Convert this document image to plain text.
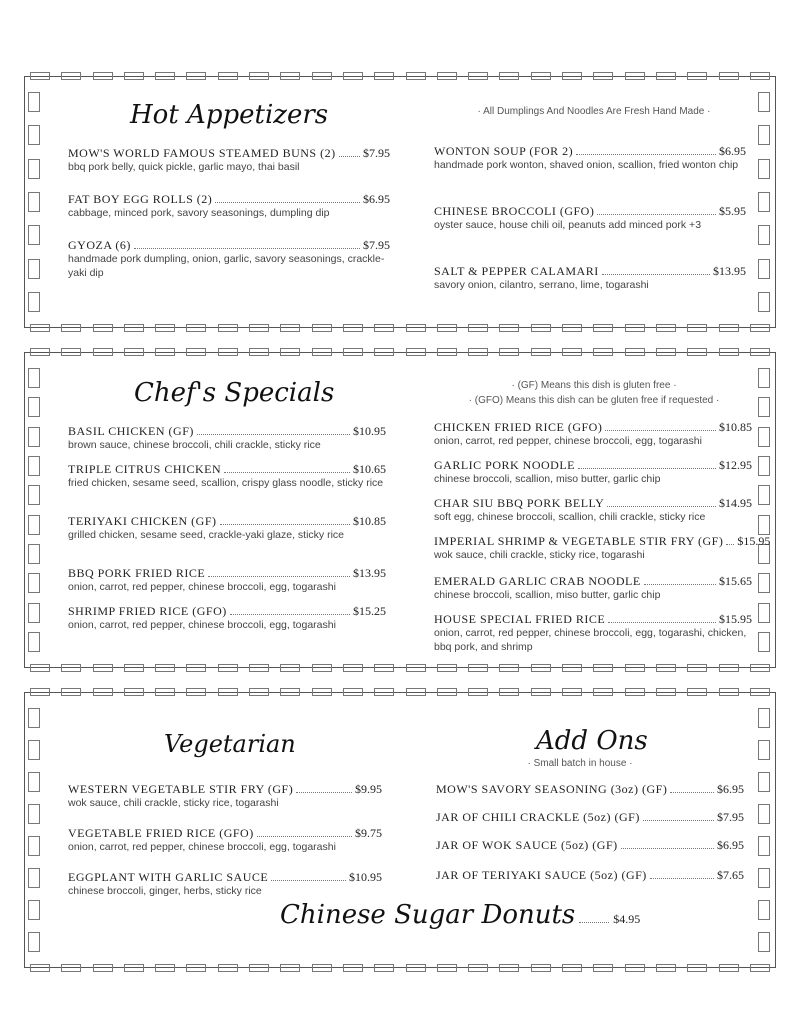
Hot Appetizers	· All Dumplings And Noodles Are Fresh Hand Made ·
Chef's Specials	· (GF) Means this dish is gluten free ·
· (GFO) Means this dish can be gluten free if requested ·
Vegetarian	Add Ons
· Small batch in house ·
Chinese Sugar Donuts	$4.95
MOW'S WORLD FAMOUS STEAMED BUNS (2) $7.95
bbq pork belly, quick pickle, garlic mayo, thai basil
FAT BOY EGG ROLLS (2)	$6.95
cabbage, minced pork, savory seasonings, dumpling dip
GYOZA (6)	$7.95
handmade pork dumpling, onion, garlic, savory seasonings, crackle-yaki dip
WONTON SOUP (FOR 2)	$6.95
handmade pork wonton, shaved onion, scallion, fried wonton chip
CHINESE BROCCOLI (GFO)	$5.95
oyster sauce, house chili oil, peanuts add minced pork +3
SALT & PEPPER CALAMARI	$13.95
savory onion, cilantro, serrano, lime, togarashi
BASIL CHICKEN (GF)	$10.95
brown sauce, chinese broccoli, chili crackle, sticky rice
TRIPLE CITRUS CHICKEN	$10.65
fried chicken, sesame seed, scallion, crispy glass noodle, sticky rice
TERIYAKI CHICKEN (GF)	$10.85
grilled chicken, sesame seed, crackle-yaki glaze, sticky rice
BBQ PORK FRIED RICE	$13.95
onion, carrot, red pepper, chinese broccoli, egg, togarashi
SHRIMP FRIED RICE (GFO)	$15.25
onion, carrot, red pepper, chinese broccoli, egg, togarashi
CHICKEN FRIED RICE (GFO)	$10.85
onion, carrot, red pepper, chinese broccoli, egg, togarashi
GARLIC PORK NOODLE	$12.95
chinese broccoli, scallion, miso butter, garlic chip
CHAR SIU BBQ PORK BELLY	$14.95
soft egg, chinese broccoli, scallion, chili crackle, sticky rice
IMPERIAL SHRIMP & VEGETABLE STIR FRY (GF) $15.95
wok sauce, chili crackle, sticky rice, togarashi
EMERALD GARLIC CRAB NOODLE	$15.65
chinese broccoli, scallion, miso butter, garlic chip
HOUSE SPECIAL FRIED RICE	$15.95
onion, carrot, red pepper, chinese broccoli, egg, togarashi, chicken, bbq pork, and shrimp
WESTERN VEGETABLE STIR FRY (GF)	$9.95
wok sauce, chili crackle, sticky rice, togarashi
VEGETABLE FRIED RICE (GFO)	$9.75
onion, carrot, red pepper, chinese broccoli, egg, togarashi
EGGPLANT WITH GARLIC SAUCE	$10.95
chinese broccoli, ginger, herbs, sticky rice
MOW'S SAVORY SEASONING (3oz) (GF)	$6.95
JAR OF CHILI CRACKLE (5oz) (GF)	$7.95
JAR OF WOK SAUCE (5oz) (GF)	$6.95
JAR OF TERIYAKI SAUCE (5oz) (GF)	$7.65
